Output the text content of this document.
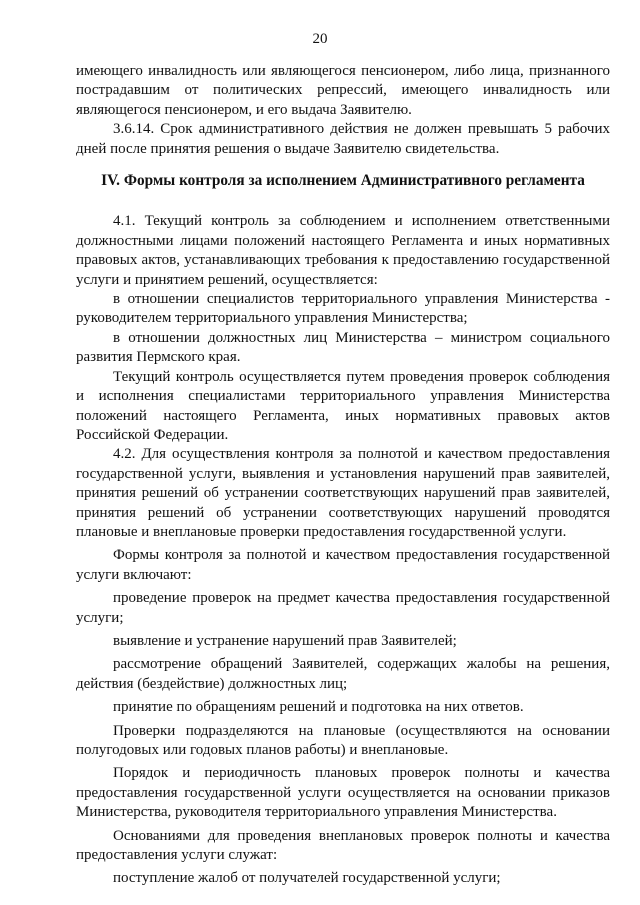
20

имеющего инвалидность или являющегося пенсионером, либо лица, признанного пострадавшим от политических репрессий, имеющего инвалидность или являющегося пенсионером, и его выдача Заявителю.

3.6.14. Срок административного действия не должен превышать 5 рабочих дней после принятия решения о выдаче Заявителю свидетельства.

IV. Формы контроля за исполнением Административного регламента

4.1. Текущий контроль за соблюдением и исполнением ответственными должностными лицами положений настоящего Регламента и иных нормативных правовых актов, устанавливающих требования к предоставлению государственной услуги и принятием решений, осуществляется:

в отношении специалистов территориального управления Министерства - руководителем территориального управления Министерства;

в отношении должностных лиц Министерства – министром социального развития Пермского края.

Текущий контроль осуществляется путем проведения проверок соблюдения и исполнения специалистами территориального управления Министерства положений настоящего Регламента, иных нормативных правовых актов Российской Федерации.

4.2. Для осуществления контроля за полнотой и качеством предоставления государственной услуги, выявления и установления нарушений прав заявителей, принятия решений об устранении соответствующих нарушений прав заявителей, принятия решений об устранении соответствующих нарушений проводятся плановые и внеплановые проверки предоставления государственной услуги.

Формы контроля за полнотой и качеством предоставления государственной услуги включают:

проведение проверок на предмет качества предоставления государственной услуги;

выявление и устранение нарушений прав Заявителей;

рассмотрение обращений Заявителей, содержащих жалобы на решения, действия (бездействие) должностных лиц;

принятие по обращениям решений и подготовка на них ответов.

Проверки подразделяются на плановые (осуществляются на основании полугодовых или годовых планов работы) и внеплановые.

Порядок и периодичность плановых проверок полноты и качества предоставления государственной услуги осуществляется на основании приказов Министерства, руководителя территориального управления Министерства.

Основаниями для проведения внеплановых проверок полноты и качества предоставления услуги служат:

поступление жалоб от получателей государственной услуги;
